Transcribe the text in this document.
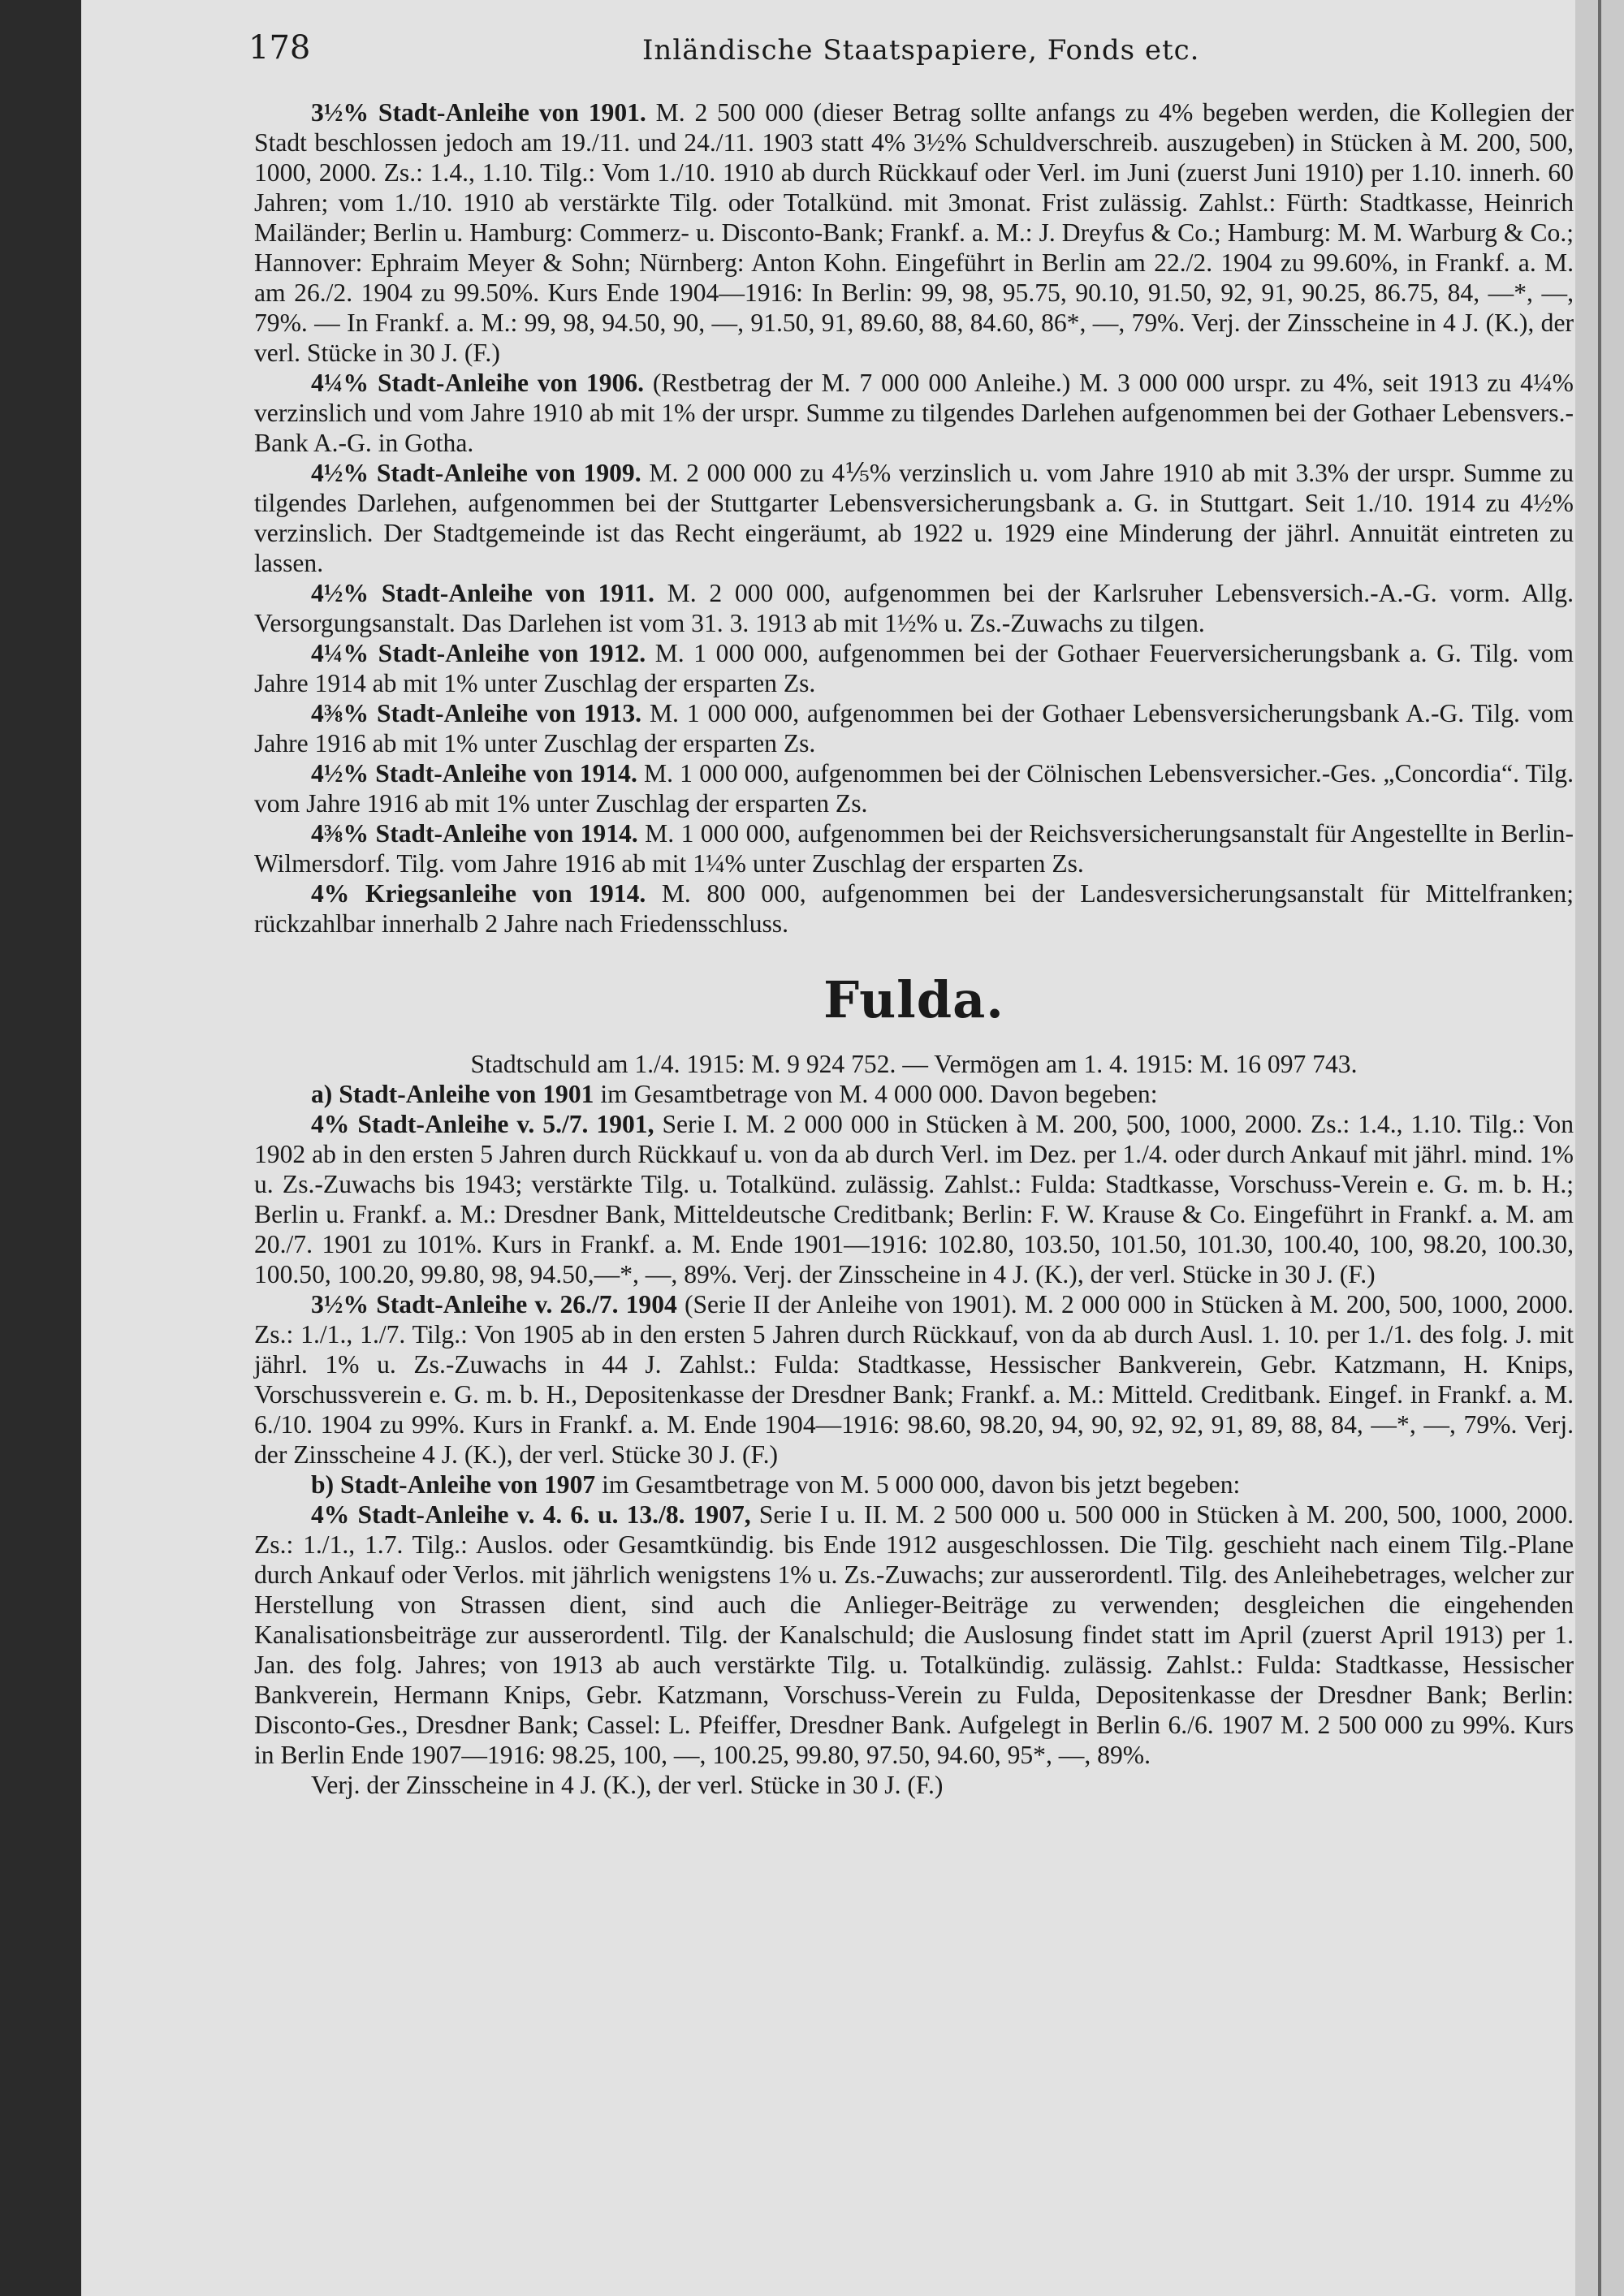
178	Inländische Staatspapiere, Fonds etc.

3½% Stadt-Anleihe von 1901. M. 2 500 000 (dieser Betrag sollte anfangs zu 4% begeben werden, die Kollegien der Stadt beschlossen jedoch am 19./11. und 24./11. 1903 statt 4% 3½% Schuldverschreib. auszugeben) in Stücken à M. 200, 500, 1000, 2000. Zs.: 1.4., 1.10. Tilg.: Vom 1./10. 1910 ab durch Rückkauf oder Verl. im Juni (zuerst Juni 1910) per 1.10. innerh. 60 Jahren; vom 1./10. 1910 ab verstärkte Tilg. oder Totalkünd. mit 3monat. Frist zulässig. Zahlst.: Fürth: Stadtkasse, Heinrich Mailänder; Berlin u. Hamburg: Commerz- u. Disconto-Bank; Frankf. a. M.: J. Dreyfus & Co.; Hamburg: M. M. Warburg & Co.; Hannover: Ephraim Meyer & Sohn; Nürnberg: Anton Kohn. Eingeführt in Berlin am 22./2. 1904 zu 99.60%, in Frankf. a. M. am 26./2. 1904 zu 99.50%. Kurs Ende 1904—1916: In Berlin: 99, 98, 95.75, 90.10, 91.50, 92, 91, 90.25, 86.75, 84, —*, —, 79%. — In Frankf. a. M.: 99, 98, 94.50, 90, —, 91.50, 91, 89.60, 88, 84.60, 86*, —, 79%. Verj. der Zinsscheine in 4 J. (K.), der verl. Stücke in 30 J. (F.)

4¼% Stadt-Anleihe von 1906. (Restbetrag der M. 7 000 000 Anleihe.) M. 3 000 000 urspr. zu 4%, seit 1913 zu 4¼% verzinslich und vom Jahre 1910 ab mit 1% der urspr. Summe zu tilgendes Darlehen aufgenommen bei der Gothaer Lebensvers.-Bank A.-G. in Gotha.

4½% Stadt-Anleihe von 1909. M. 2 000 000 zu 4⅕% verzinslich u. vom Jahre 1910 ab mit 3.3% der urspr. Summe zu tilgendes Darlehen, aufgenommen bei der Stuttgarter Lebensversicherungsbank a. G. in Stuttgart. Seit 1./10. 1914 zu 4½% verzinslich. Der Stadtgemeinde ist das Recht eingeräumt, ab 1922 u. 1929 eine Minderung der jährl. Annuität eintreten zu lassen.

4½% Stadt-Anleihe von 1911. M. 2 000 000, aufgenommen bei der Karlsruher Lebensversich.-A.-G. vorm. Allg. Versorgungsanstalt. Das Darlehen ist vom 31. 3. 1913 ab mit 1½% u. Zs.-Zuwachs zu tilgen.

4¼% Stadt-Anleihe von 1912. M. 1 000 000, aufgenommen bei der Gothaer Feuerversicherungsbank a. G. Tilg. vom Jahre 1914 ab mit 1% unter Zuschlag der ersparten Zs.

4⅜% Stadt-Anleihe von 1913. M. 1 000 000, aufgenommen bei der Gothaer Lebensversicherungsbank A.-G. Tilg. vom Jahre 1916 ab mit 1% unter Zuschlag der ersparten Zs.

4½% Stadt-Anleihe von 1914. M. 1 000 000, aufgenommen bei der Cölnischen Lebensversicher.-Ges. „Concordia“. Tilg. vom Jahre 1916 ab mit 1% unter Zuschlag der ersparten Zs.

4⅜% Stadt-Anleihe von 1914. M. 1 000 000, aufgenommen bei der Reichsversicherungsanstalt für Angestellte in Berlin-Wilmersdorf. Tilg. vom Jahre 1916 ab mit 1¼% unter Zuschlag der ersparten Zs.

4% Kriegsanleihe von 1914. M. 800 000, aufgenommen bei der Landesversicherungsanstalt für Mittelfranken; rückzahlbar innerhalb 2 Jahre nach Friedensschluss.

Fulda.

Stadtschuld am 1./4. 1915: M. 9 924 752. — Vermögen am 1. 4. 1915: M. 16 097 743.

a) Stadt-Anleihe von 1901 im Gesamtbetrage von M. 4 000 000. Davon begeben:

4% Stadt-Anleihe v. 5./7. 1901, Serie I. M. 2 000 000 in Stücken à M. 200, 500, 1000, 2000. Zs.: 1.4., 1.10. Tilg.: Von 1902 ab in den ersten 5 Jahren durch Rückkauf u. von da ab durch Verl. im Dez. per 1./4. oder durch Ankauf mit jährl. mind. 1% u. Zs.-Zuwachs bis 1943; verstärkte Tilg. u. Totalkünd. zulässig. Zahlst.: Fulda: Stadtkasse, Vorschuss-Verein e. G. m. b. H.; Berlin u. Frankf. a. M.: Dresdner Bank, Mitteldeutsche Creditbank; Berlin: F. W. Krause & Co. Eingeführt in Frankf. a. M. am 20./7. 1901 zu 101%. Kurs in Frankf. a. M. Ende 1901—1916: 102.80, 103.50, 101.50, 101.30, 100.40, 100, 98.20, 100.30, 100.50, 100.20, 99.80, 98, 94.50,—*, —, 89%. Verj. der Zinsscheine in 4 J. (K.), der verl. Stücke in 30 J. (F.)

3½% Stadt-Anleihe v. 26./7. 1904 (Serie II der Anleihe von 1901). M. 2 000 000 in Stücken à M. 200, 500, 1000, 2000. Zs.: 1./1., 1./7. Tilg.: Von 1905 ab in den ersten 5 Jahren durch Rückkauf, von da ab durch Ausl. 1. 10. per 1./1. des folg. J. mit jährl. 1% u. Zs.-Zuwachs in 44 J. Zahlst.: Fulda: Stadtkasse, Hessischer Bankverein, Gebr. Katzmann, H. Knips, Vorschussverein e. G. m. b. H., Depositenkasse der Dresdner Bank; Frankf. a. M.: Mitteld. Creditbank. Eingef. in Frankf. a. M. 6./10. 1904 zu 99%. Kurs in Frankf. a. M. Ende 1904—1916: 98.60, 98.20, 94, 90, 92, 92, 91, 89, 88, 84, —*, —, 79%. Verj. der Zinsscheine 4 J. (K.), der verl. Stücke 30 J. (F.)

b) Stadt-Anleihe von 1907 im Gesamtbetrage von M. 5 000 000, davon bis jetzt begeben:

4% Stadt-Anleihe v. 4. 6. u. 13./8. 1907, Serie I u. II. M. 2 500 000 u. 500 000 in Stücken à M. 200, 500, 1000, 2000. Zs.: 1./1., 1.7. Tilg.: Auslos. oder Gesamtkündig. bis Ende 1912 ausgeschlossen. Die Tilg. geschieht nach einem Tilg.-Plane durch Ankauf oder Verlos. mit jährlich wenigstens 1% u. Zs.-Zuwachs; zur ausserordentl. Tilg. des Anleihebetrages, welcher zur Herstellung von Strassen dient, sind auch die Anlieger-Beiträge zu verwenden; desgleichen die eingehenden Kanalisationsbeiträge zur ausserordentl. Tilg. der Kanalschuld; die Auslosung findet statt im April (zuerst April 1913) per 1. Jan. des folg. Jahres; von 1913 ab auch verstärkte Tilg. u. Totalkündig. zulässig. Zahlst.: Fulda: Stadtkasse, Hessischer Bankverein, Hermann Knips, Gebr. Katzmann, Vorschuss-Verein zu Fulda, Depositenkasse der Dresdner Bank; Berlin: Disconto-Ges., Dresdner Bank; Cassel: L. Pfeiffer, Dresdner Bank. Aufgelegt in Berlin 6./6. 1907 M. 2 500 000 zu 99%. Kurs in Berlin Ende 1907—1916: 98.25, 100, —, 100.25, 99.80, 97.50, 94.60, 95*, —, 89%.

Verj. der Zinsscheine in 4 J. (K.), der verl. Stücke in 30 J. (F.)
